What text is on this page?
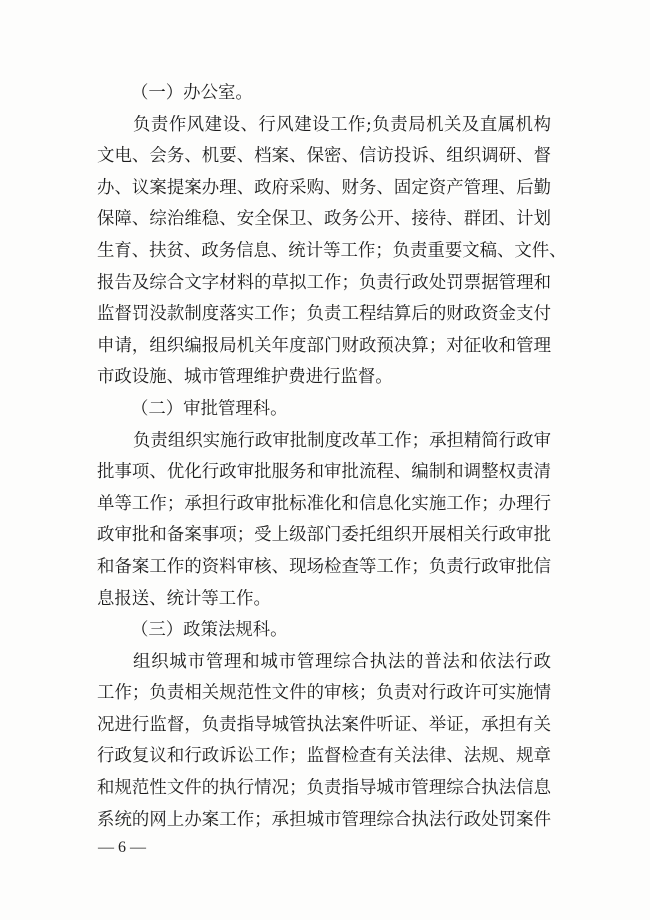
（一）办公室。
负责作风建设、行风建设工作;负责局机关及直属机构
文电、会务、机要、档案、保密、信访投诉、组织调研、督
办、议案提案办理、政府采购、财务、固定资产管理、后勤
保障、综治维稳、安全保卫、政务公开、接待、群团、计划
生育、扶贫、政务信息、统计等工作；负责重要文稿、文件、
报告及综合文字材料的草拟工作；负责行政处罚票据管理和
监督罚没款制度落实工作；负责工程结算后的财政资金支付
申请，组织编报局机关年度部门财政预决算；对征收和管理
市政设施、城市管理维护费进行监督。
（二）审批管理科。
负责组织实施行政审批制度改革工作；承担精简行政审
批事项、优化行政审批服务和审批流程、编制和调整权责清
单等工作；承担行政审批标准化和信息化实施工作；办理行
政审批和备案事项；受上级部门委托组织开展相关行政审批
和备案工作的资料审核、现场检查等工作；负责行政审批信
息报送、统计等工作。
（三）政策法规科。
组织城市管理和城市管理综合执法的普法和依法行政
工作；负责相关规范性文件的审核；负责对行政许可实施情
况进行监督，负责指导城管执法案件听证、举证，承担有关
行政复议和行政诉讼工作；监督检查有关法律、法规、规章
和规范性文件的执行情况；负责指导城市管理综合执法信息
系统的网上办案工作；承担城市管理综合执法行政处罚案件
— 6 —
